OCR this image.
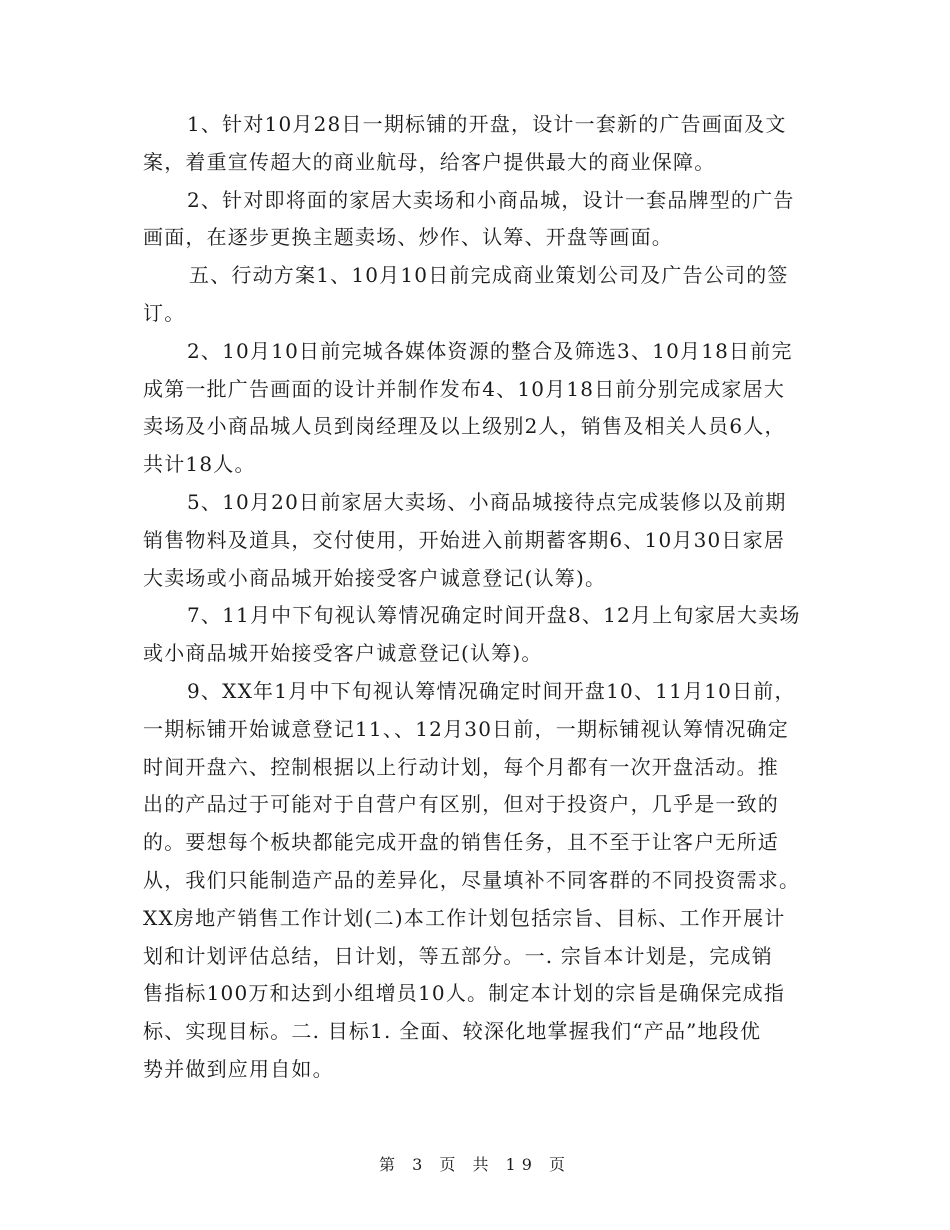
1、针对10月28日一期标铺的开盘，设计一套新的广告画面及文
案，着重宣传超大的商业航母，给客户提供最大的商业保障。
2、针对即将面的家居大卖场和小商品城，设计一套品牌型的广告
画面，在逐步更换主题卖场、炒作、认筹、开盘等画面。
五、行动方案1、10月10日前完成商业策划公司及广告公司的签
订。
2、10月10日前完城各媒体资源的整合及筛选3、10月18日前完
成第一批广告画面的设计并制作发布4、10月18日前分别完成家居大
卖场及小商品城人员到岗经理及以上级别2人，销售及相关人员6人，
共计18人。
5、10月20日前家居大卖场、小商品城接待点完成装修以及前期
销售物料及道具，交付使用，开始进入前期蓄客期6、10月30日家居
大卖场或小商品城开始接受客户诚意登记(认筹)。
7、11月中下旬视认筹情况确定时间开盘8、12月上旬家居大卖场
或小商品城开始接受客户诚意登记(认筹)。
9、XX年1月中下旬视认筹情况确定时间开盘10、11月10日前，
一期标铺开始诚意登记11、、12月30日前，一期标铺视认筹情况确定
时间开盘六、控制根据以上行动计划，每个月都有一次开盘活动。推
出的产品过于可能对于自营户有区别，但对于投资户，几乎是一致的
的。要想每个板块都能完成开盘的销售任务，且不至于让客户无所适
从，我们只能制造产品的差异化，尽量填补不同客群的不同投资需求。
XX房地产销售工作计划(二)本工作计划包括宗旨、目标、工作开展计
划和计划评估总结，日计划，等五部分。一. 宗旨本计划是，完成销
售指标100万和达到小组增员10人。制定本计划的宗旨是确保完成指
标、实现目标。二. 目标1. 全面、较深化地掌握我们“产品”地段优
势并做到应用自如。
第 3 页 共 19 页
